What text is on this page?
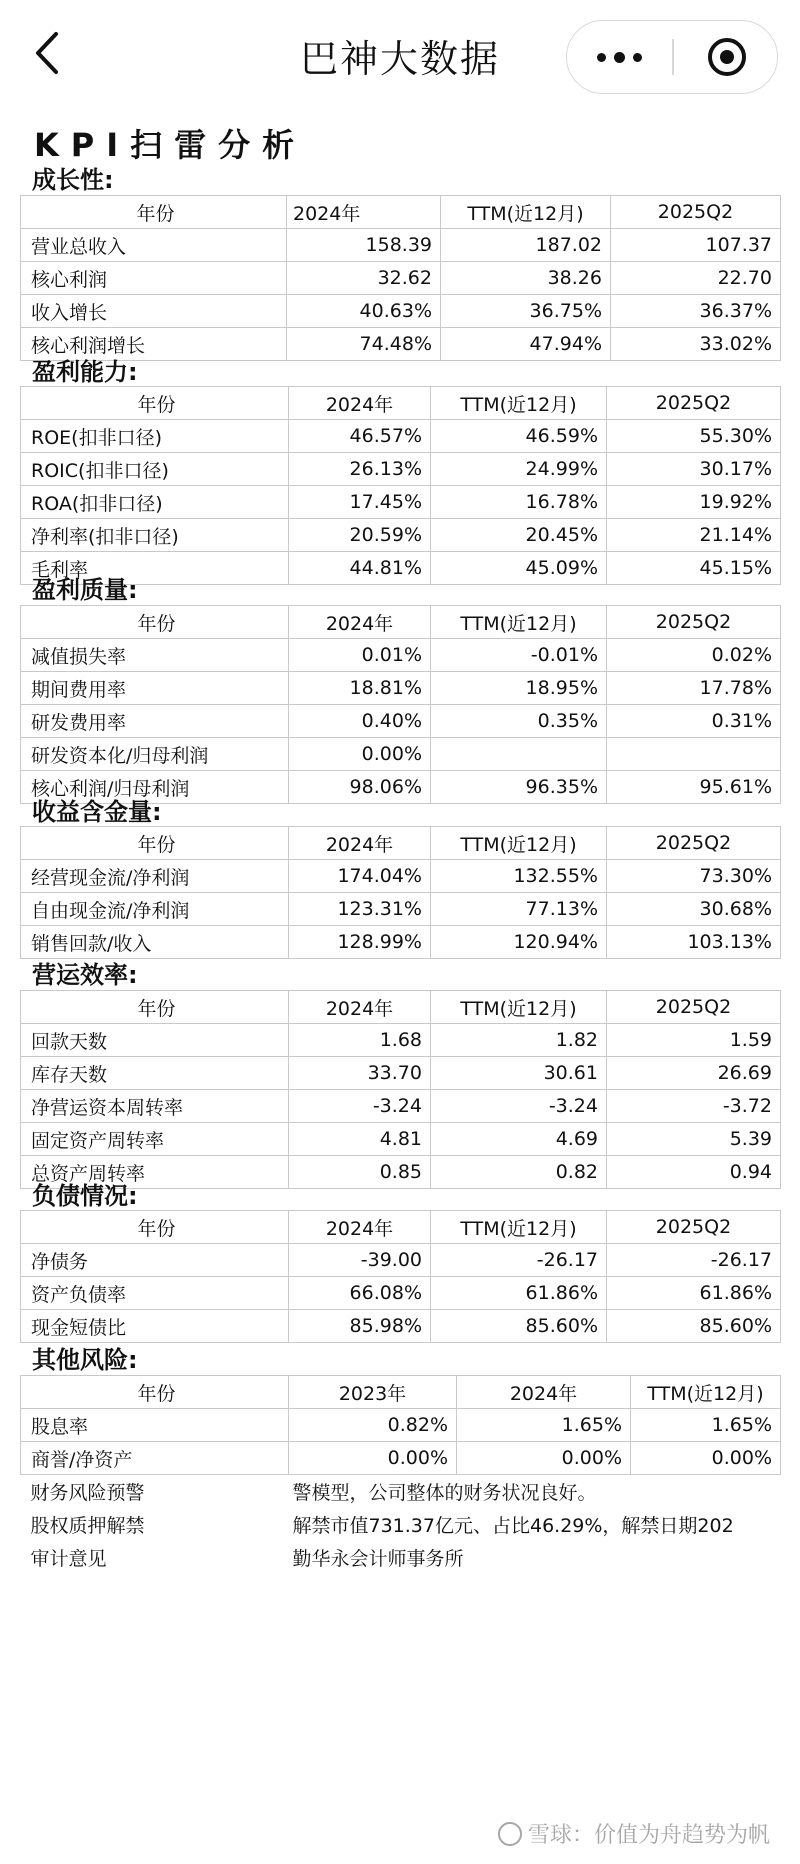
巴神大数据
KPI扫雷分析
成长性:
年份	2024年	TTM(近12月)	2025Q2
营业总收入	158.39	187.02	107.37
核心利润	32.62	38.26	22.70
收入增长	40.63%	36.75%	36.37%
核心利润增长	74.48%	47.94%	33.02%
盈利能力:
年份	2024年	TTM(近12月)	2025Q2
ROE(扣非口径)	46.57%	46.59%	55.30%
ROIC(扣非口径)	26.13%	24.99%	30.17%
ROA(扣非口径)	17.45%	16.78%	19.92%
净利率(扣非口径)	20.59%	20.45%	21.14%
毛利率	44.81%	45.09%	45.15%
盈利质量:
年份	2024年	TTM(近12月)	2025Q2
减值损失率	0.01%	-0.01%	0.02%
期间费用率	18.81%	18.95%	17.78%
研发费用率	0.40%	0.35%	0.31%
研发资本化/归母利润	0.00%		
核心利润/归母利润	98.06%	96.35%	95.61%
收益含金量:
年份	2024年	TTM(近12月)	2025Q2
经营现金流/净利润	174.04%	132.55%	73.30%
自由现金流/净利润	123.31%	77.13%	30.68%
销售回款/收入	128.99%	120.94%	103.13%
营运效率:
年份	2024年	TTM(近12月)	2025Q2
回款天数	1.68	1.82	1.59
库存天数	33.70	30.61	26.69
净营运资本周转率	-3.24	-3.24	-3.72
固定资产周转率	4.81	4.69	5.39
总资产周转率	0.85	0.82	0.94
负债情况:
年份	2024年	TTM(近12月)	2025Q2
净债务	-39.00	-26.17	-26.17
资产负债率	66.08%	61.86%	61.86%
现金短债比	85.98%	85.60%	85.60%
其他风险:
年份	2023年	2024年	TTM(近12月)
股息率	0.82%	1.65%	1.65%
商誉/净资产	0.00%	0.00%	0.00%
财务风险预警	警模型，公司整体的财务状况良好。		
股权质押解禁	解禁市值731.37亿元、占比46.29%，解禁日期202		
审计意见	勤华永会计师事务所		
雪球：价值为舟趋势为帆
